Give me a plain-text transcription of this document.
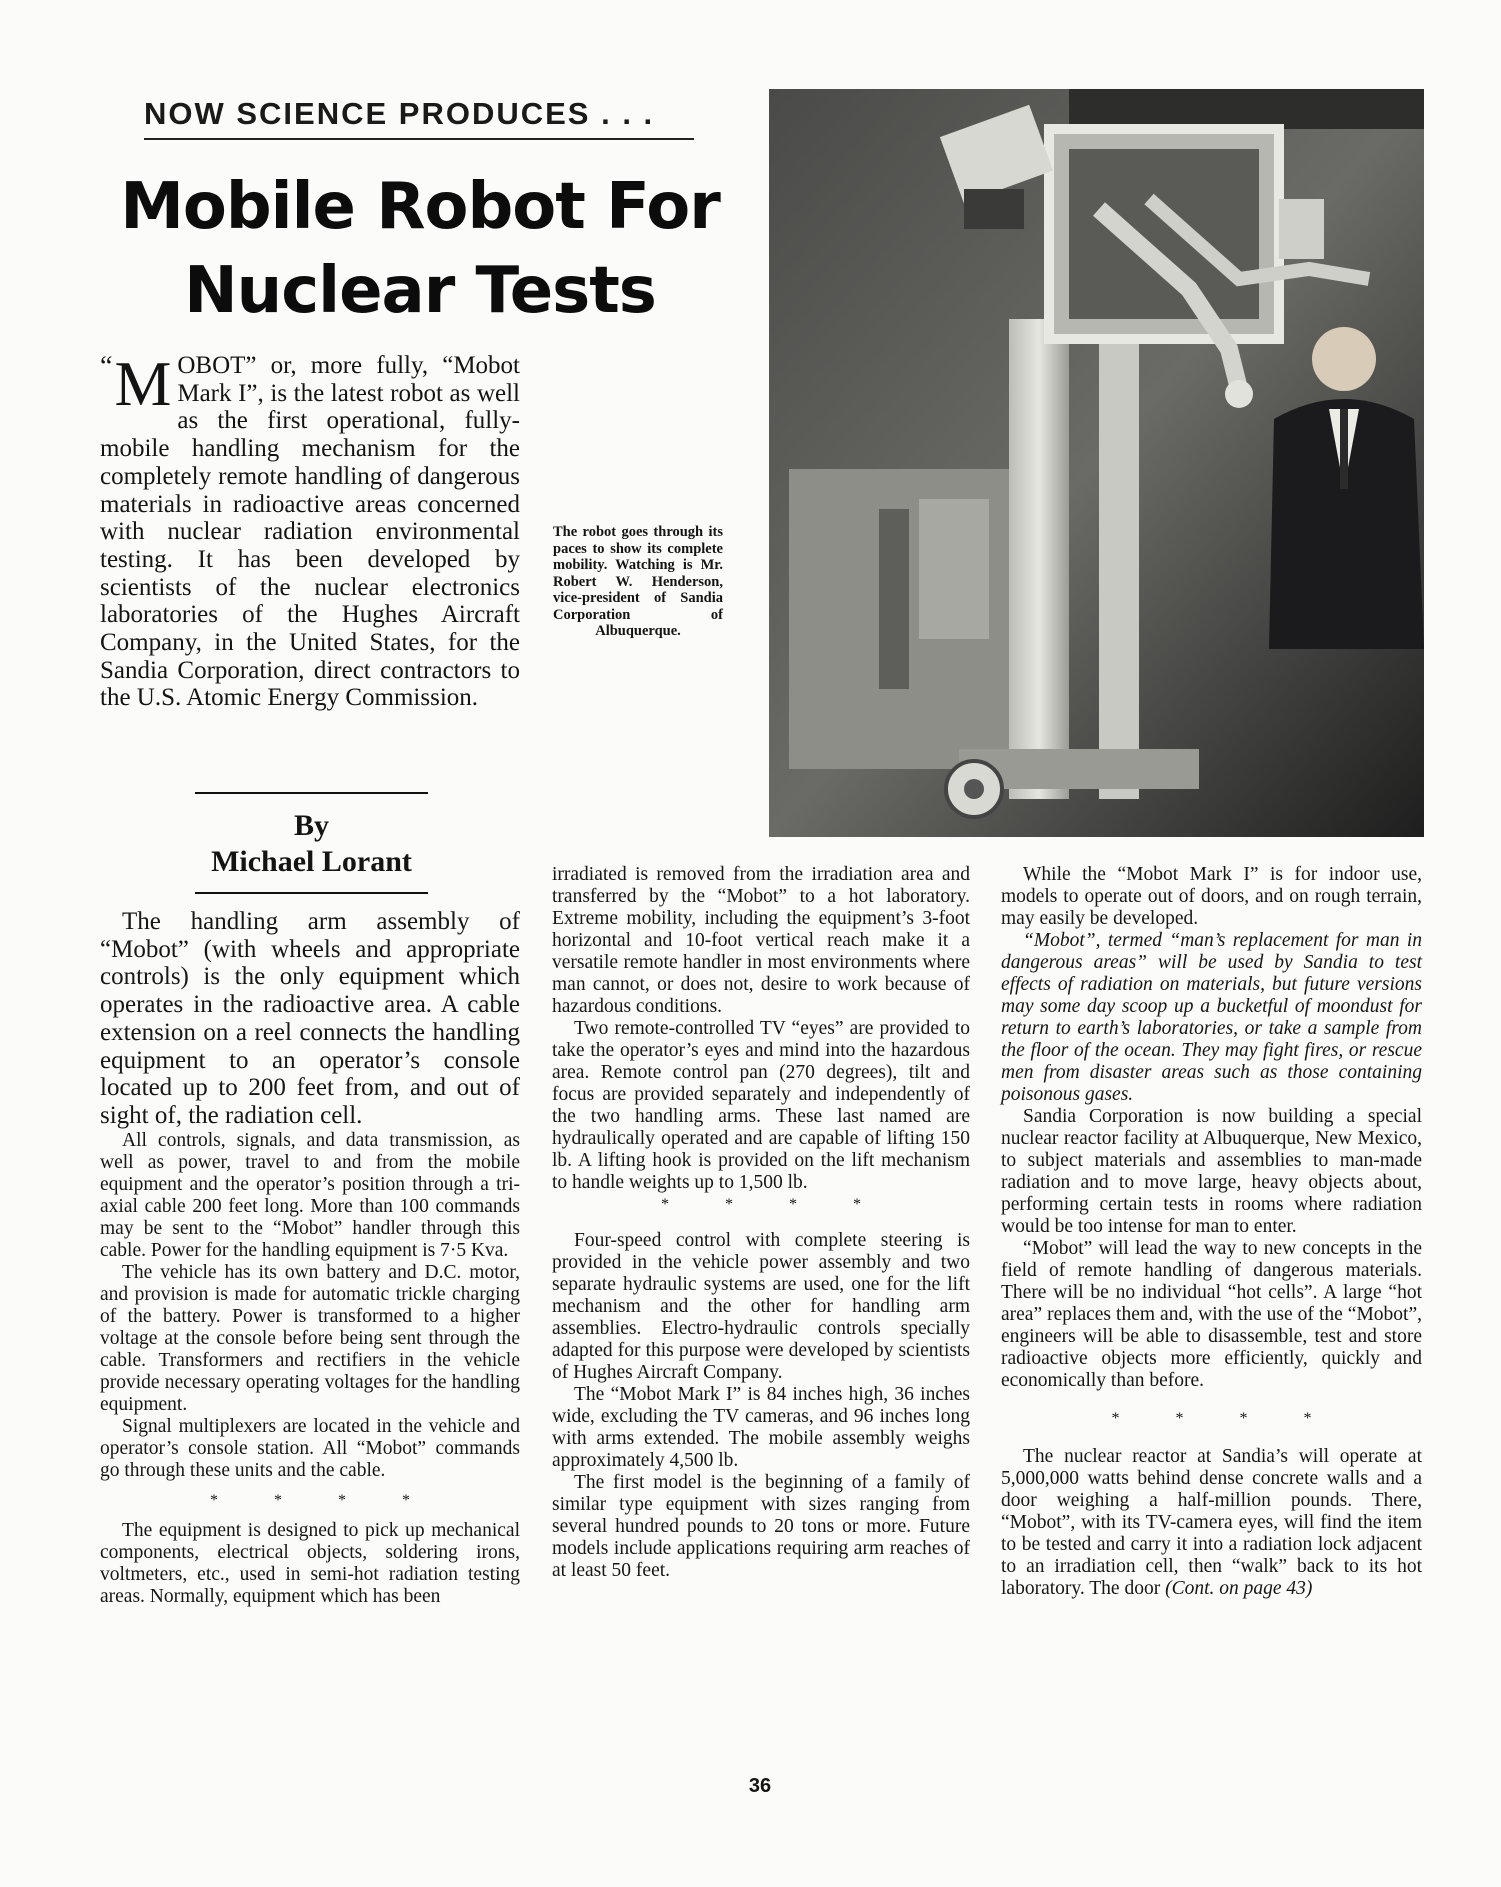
NOW SCIENCE PRODUCES . . .
Mobile Robot For
Nuclear Tests
“ M OBOT” or, more fully, “Mobot Mark I”, is the latest robot as well as the first operational, fully-mobile handling mechanism for the completely remote handling of dangerous materials in radioactive areas concerned with nuclear radiation environmental testing. It has been developed by scientists of the nuclear electronics laboratories of the Hughes Aircraft Company, in the United States, for the Sandia Corporation, direct contractors to the U.S. Atomic Energy Commission.
By
Michael Lorant
The robot goes through its paces to show its complete mobility. Watching is Mr. Robert W. Henderson, vice-president of Sandia Corporation of Albuquerque.

The handling arm assembly of “Mobot” (with wheels and appropriate controls) is the only equipment which operates in the radioactive area. A cable extension on a reel connects the handling equipment to an operator’s console located up to 200 feet from, and out of sight of, the radiation cell.

All controls, signals, and data transmission, as well as power, travel to and from the mobile equipment and the operator’s position through a tri-axial cable 200 feet long. More than 100 commands may be sent to the “Mobot” handler through this cable. Power for the handling equipment is 7·5 Kva.

The vehicle has its own battery and D.C. motor, and provision is made for automatic trickle charging of the battery. Power is transformed to a higher voltage at the console before being sent through the cable. Transformers and rectifiers in the vehicle provide necessary operating voltages for the handling equipment.

Signal multiplexers are located in the vehicle and operator’s console station. All “Mobot” commands go through these units and the cable.

* * * *

The equipment is designed to pick up mechanical components, electrical objects, soldering irons, voltmeters, etc., used in semi-hot radiation testing areas. Normally, equipment which has been

irradiated is removed from the irradiation area and transferred by the “Mobot” to a hot laboratory. Extreme mobility, including the equipment’s 3-foot horizontal and 10-foot vertical reach make it a versatile remote handler in most environments where man cannot, or does not, desire to work because of hazardous conditions.

Two remote-controlled TV “eyes” are provided to take the operator’s eyes and mind into the hazardous area. Remote control pan (270 degrees), tilt and focus are provided separately and independently of the two handling arms. These last named are hydraulically operated and are capable of lifting 150 lb. A lifting hook is provided on the lift mechanism to handle weights up to 1,500 lb.

* * * *

Four-speed control with complete steering is provided in the vehicle power assembly and two separate hydraulic systems are used, one for the lift mechanism and the other for handling arm assemblies. Electro-hydraulic controls specially adapted for this purpose were developed by scientists of Hughes Aircraft Company.

The “Mobot Mark I” is 84 inches high, 36 inches wide, excluding the TV cameras, and 96 inches long with arms extended. The mobile assembly weighs approximately 4,500 lb.

The first model is the beginning of a family of similar type equipment with sizes ranging from several hundred pounds to 20 tons or more. Future models include applications requiring arm reaches of at least 50 feet.

While the “Mobot Mark I” is for indoor use, models to operate out of doors, and on rough terrain, may easily be developed.

“Mobot”, termed “man’s replacement for man in dangerous areas” will be used by Sandia to test effects of radiation on materials, but future versions may some day scoop up a bucketful of moondust for return to earth’s laboratories, or take a sample from the floor of the ocean. They may fight fires, or rescue men from disaster areas such as those containing poisonous gases.

Sandia Corporation is now building a special nuclear reactor facility at Albuquerque, New Mexico, to subject materials and assemblies to man-made radiation and to move large, heavy objects about, performing certain tests in rooms where radiation would be too intense for man to enter.

“Mobot” will lead the way to new concepts in the field of remote handling of dangerous materials. There will be no individual “hot cells”. A large “hot area” replaces them and, with the use of the “Mobot”, engineers will be able to disassemble, test and store radioactive objects more efficiently, quickly and economically than before.

* * * *

The nuclear reactor at Sandia’s will operate at 5,000,000 watts behind dense concrete walls and a door weighing a half-million pounds. There, “Mobot”, with its TV-camera eyes, will find the item to be tested and carry it into a radiation lock adjacent to an irradiation cell, then “walk” back to its hot laboratory. The door (Cont. on page 43)

36
